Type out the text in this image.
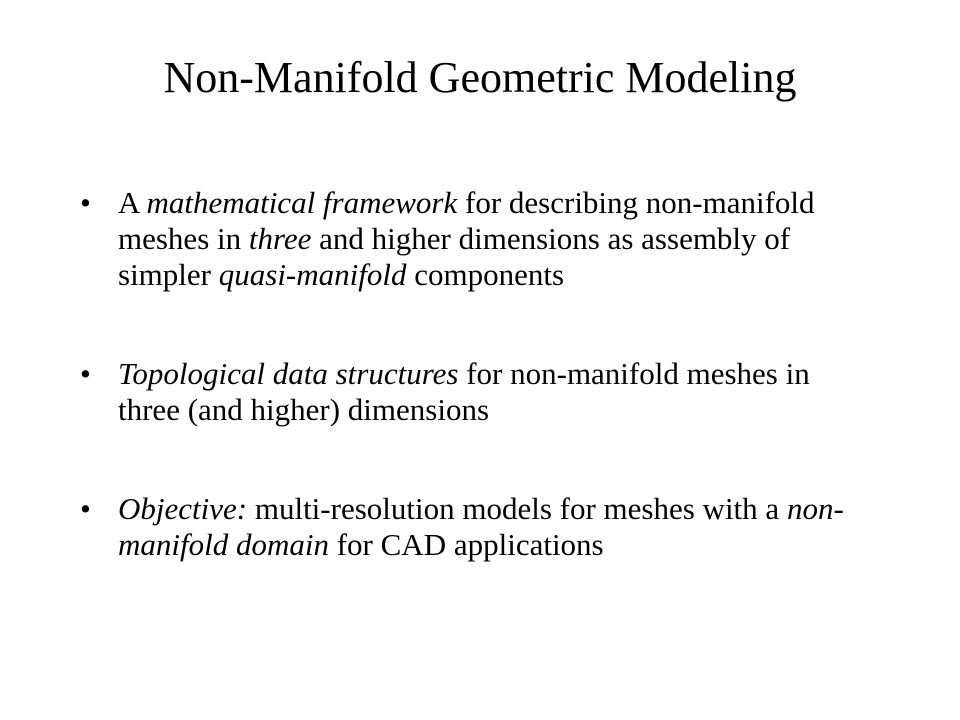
Non-Manifold Geometric Modeling
• A mathematical framework for describing non-manifold meshes in three and higher dimensions as assembly of simpler quasi-manifold components
• Topological data structures for non-manifold meshes in three (and higher) dimensions
• Objective: multi-resolution models for meshes with a non-manifold domain for CAD applications
